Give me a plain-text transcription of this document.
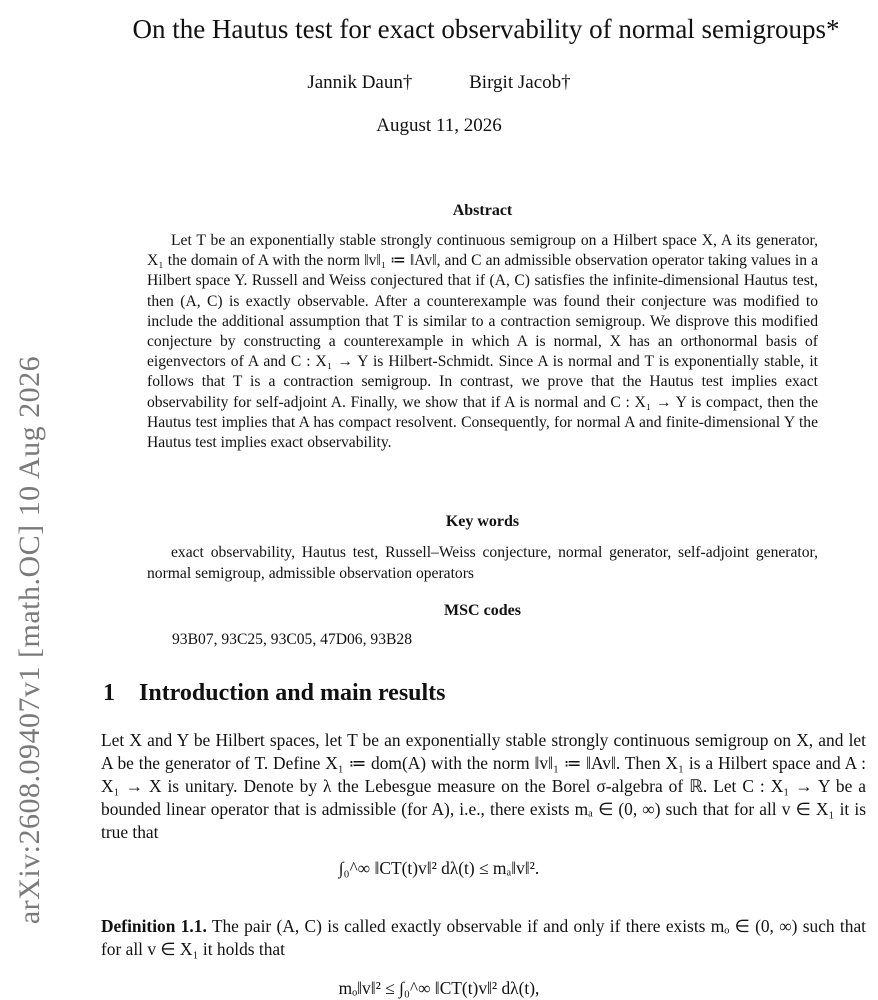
arXiv:2608.09407v1 [math.OC] 10 Aug 2026
On the Hautus test for exact observability of normal semigroups*
Jannik Daun†	Birgit Jacob†
August 11, 2026
Abstract
Let T be an exponentially stable strongly continuous semigroup on a Hilbert space X, A its generator, X₁ the domain of A with the norm ‖v‖₁ ≔ ‖Av‖, and C an admissible observation operator taking values in a Hilbert space Y. Russell and Weiss conjectured that if (A, C) satisfies the infinite-dimensional Hautus test, then (A, C) is exactly observable. After a counterexample was found their conjecture was modified to include the additional assumption that T is similar to a contraction semigroup. We disprove this modified conjecture by constructing a counterexample in which A is normal, X has an orthonormal basis of eigenvectors of A and C : X₁ → Y is Hilbert-Schmidt. Since A is normal and T is exponentially stable, it follows that T is a contraction semigroup. In contrast, we prove that the Hautus test implies exact observability for self-adjoint A. Finally, we show that if A is normal and C : X₁ → Y is compact, then the Hautus test implies that A has compact resolvent. Consequently, for normal A and finite-dimensional Y the Hautus test implies exact observability.
Key words
exact observability, Hautus test, Russell–Weiss conjecture, normal generator, self-adjoint generator, normal semigroup, admissible observation operators
MSC codes
93B07, 93C25, 93C05, 47D06, 93B28
1 Introduction and main results
Let X and Y be Hilbert spaces, let T be an exponentially stable strongly continuous semigroup on X, and let A be the generator of T. Define X₁ ≔ dom(A) with the norm ‖v‖₁ ≔ ‖Av‖. Then X₁ is a Hilbert space and A : X₁ → X is unitary. Denote by λ the Lebesgue measure on the Borel σ-algebra of ℝ. Let C : X₁ → Y be a bounded linear operator that is admissible (for A), i.e., there exists mₐ ∈ (0, ∞) such that for all v ∈ X₁ it is true that
∫₀^∞ ‖CT(t)v‖² dλ(t) ≤ mₐ‖v‖².
Definition 1.1. The pair (A, C) is called exactly observable if and only if there exists mₒ ∈ (0, ∞) such that for all v ∈ X₁ it holds that
mₒ‖v‖² ≤ ∫₀^∞ ‖CT(t)v‖² dλ(t),
